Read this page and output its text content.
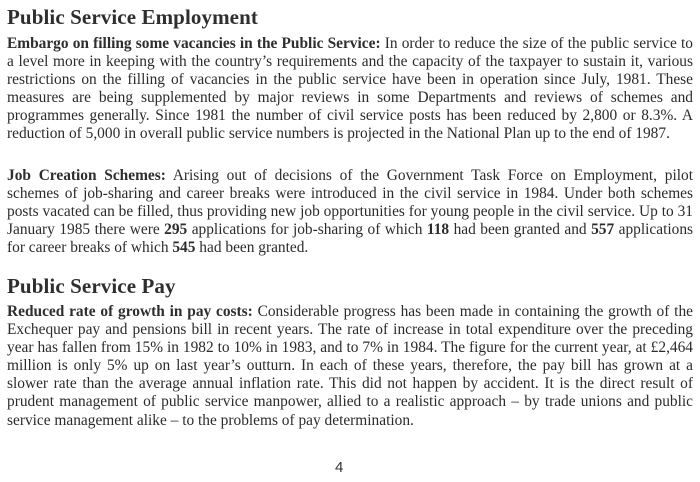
Public Service Employment

Embargo on filling some vacancies in the Public Service: In order to reduce the size of the public service to a level more in keeping with the country’s requirements and the capacity of the taxpayer to sustain it, various restrictions on the filling of vacancies in the public service have been in operation since July, 1981. These measures are being supplemented by major reviews in some Departments and reviews of schemes and programmes generally. Since 1981 the number of civil service posts has been reduced by 2,800 or 8.3%. A reduction of 5,000 in overall public service numbers is projected in the National Plan up to the end of 1987.

Job Creation Schemes: Arising out of decisions of the Government Task Force on Employment, pilot schemes of job-sharing and career breaks were introduced in the civil service in 1984. Under both schemes posts vacated can be filled, thus providing new job opportunities for young people in the civil service. Up to 31 January 1985 there were 295 applications for job-sharing of which 118 had been granted and 557 applications for career breaks of which 545 had been granted.

Public Service Pay

Reduced rate of growth in pay costs: Considerable progress has been made in containing the growth of the Exchequer pay and pensions bill in recent years. The rate of increase in total expenditure over the preceding year has fallen from 15% in 1982 to 10% in 1983, and to 7% in 1984. The figure for the current year, at £2,464 million is only 5% up on last year’s outturn. In each of these years, therefore, the pay bill has grown at a slower rate than the average annual inflation rate. This did not happen by accident. It is the direct result of prudent management of public service manpower, allied to a realistic approach – by trade unions and public service management alike – to the problems of pay determination.

4
